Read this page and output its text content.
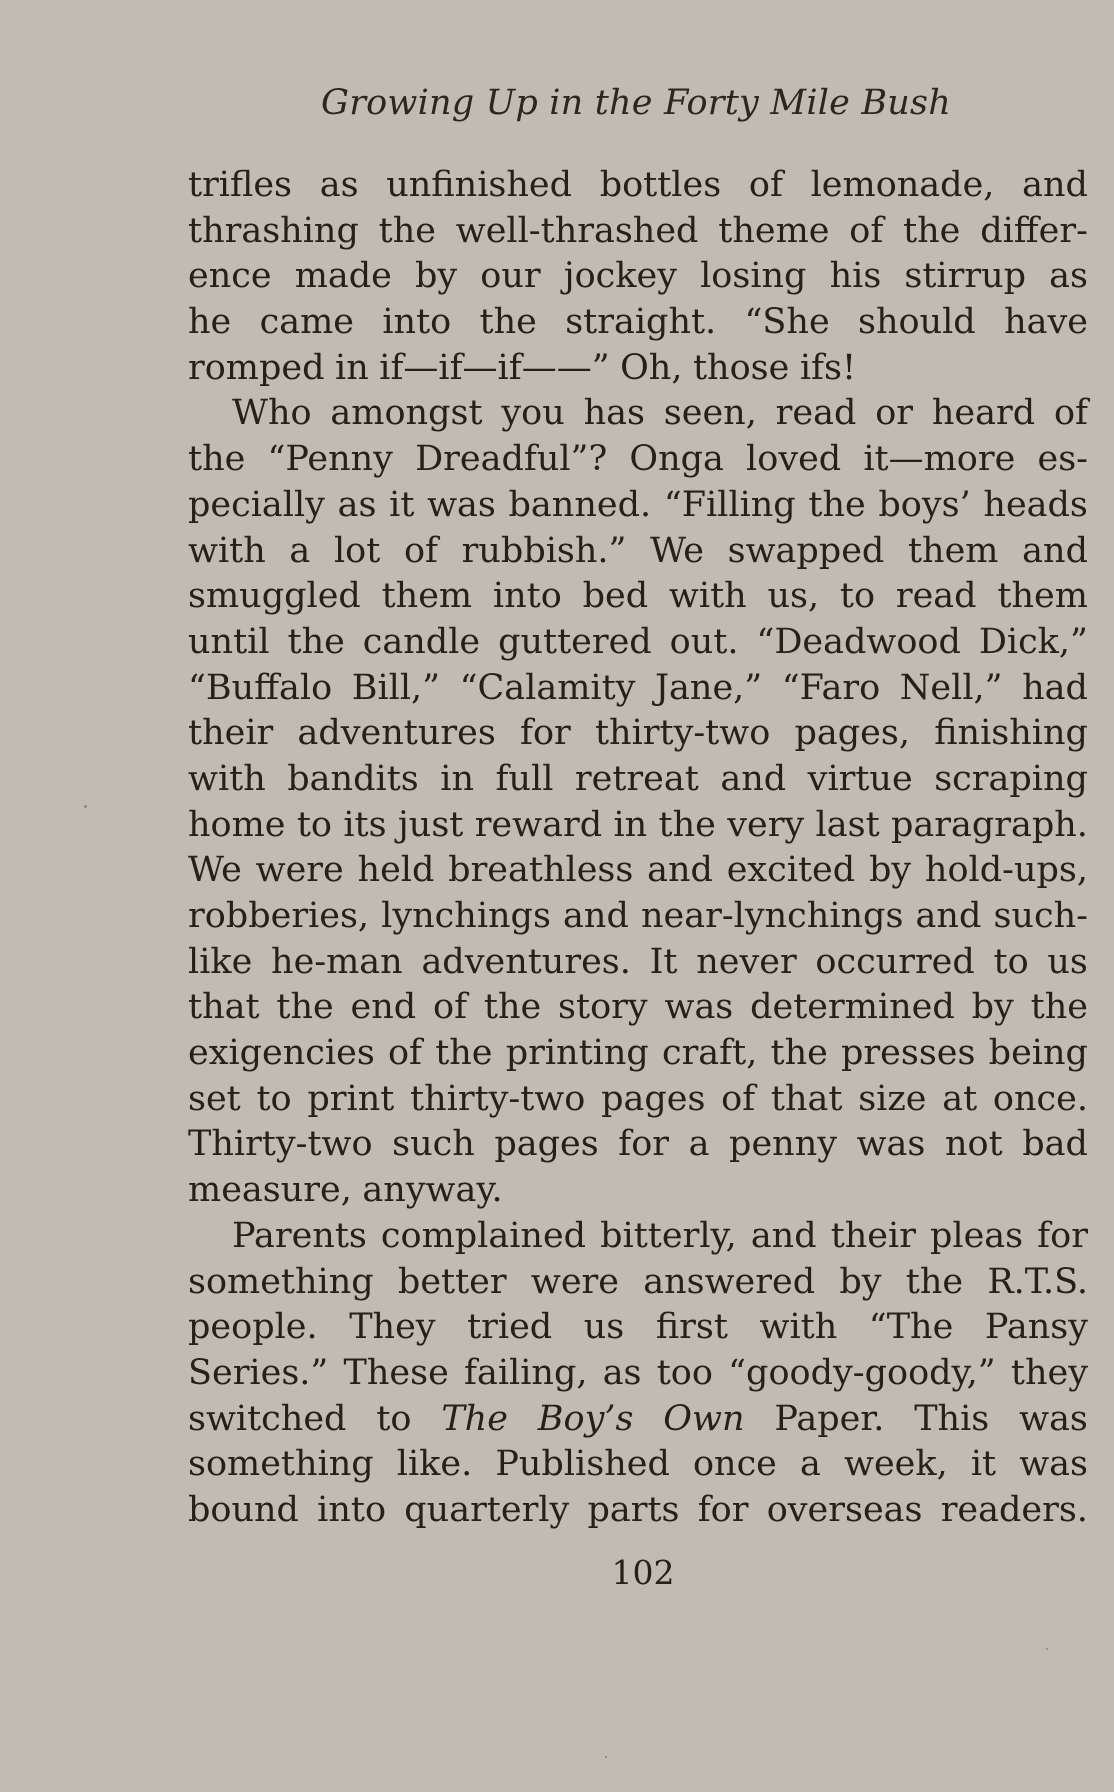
Growing Up in the Forty Mile Bush
trifles as unfinished bottles of lemonade, and
thrashing the well-thrashed theme of the differ-
ence made by our jockey losing his stirrup as
he came into the straight. “She should have
romped in if—if—if——” Oh, those ifs!
Who amongst you has seen, read or heard of
the “Penny Dreadful”? Onga loved it—more es-
pecially as it was banned. “Filling the boys’ heads
with a lot of rubbish.” We swapped them and
smuggled them into bed with us, to read them
until the candle guttered out. “Deadwood Dick,”
“Buffalo Bill,” “Calamity Jane,” “Faro Nell,” had
their adventures for thirty-two pages, finishing
with bandits in full retreat and virtue scraping
home to its just reward in the very last paragraph.
We were held breathless and excited by hold-ups,
robberies, lynchings and near-lynchings and such-
like he-man adventures. It never occurred to us
that the end of the story was determined by the
exigencies of the printing craft, the presses being
set to print thirty-two pages of that size at once.
Thirty-two such pages for a penny was not bad
measure, anyway.
Parents complained bitterly, and their pleas for
something better were answered by the R.T.S.
people. They tried us first with “The Pansy
Series.” These failing, as too “goody-goody,” they
switched to The Boy’s Own Paper. This was
something like. Published once a week, it was
bound into quarterly parts for overseas readers.
102
